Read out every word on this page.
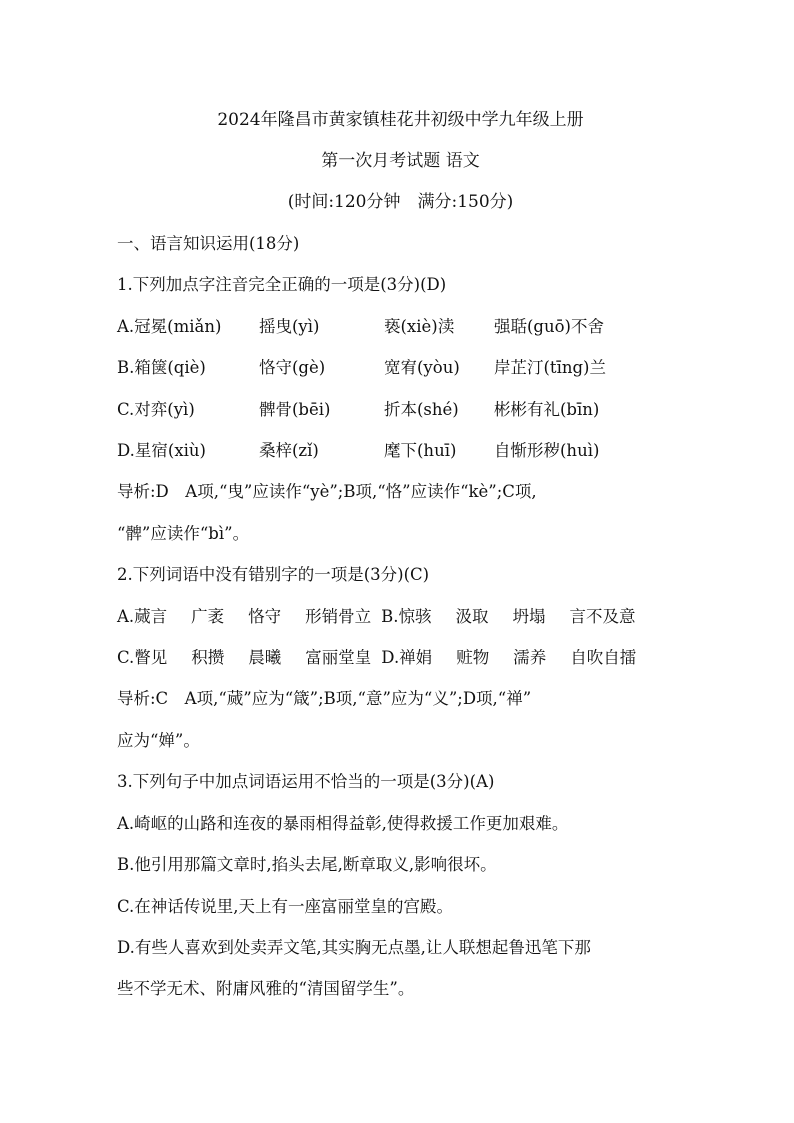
2024年隆昌市黄家镇桂花井初级中学九年级上册
第一次月考试题 语文
(时间:120分钟　满分:150分)
一、语言知识运用(18分)
1.下列加点字注音完全正确的一项是(3分)(D)
A.冠冕(miǎn) 摇曳(yì)	亵(xiè)渎 强聒(guō)不舍
B.箱箧(qiè)	恪守(gè)	宽宥(yòu) 岸芷汀(tīng)兰
C.对弈(yì)	髀骨(bēi)	折本(shé) 彬彬有礼(bīn)
D.星宿(xiù)	桑梓(zǐ)	麾下(huī) 自惭形秽(huì)
导析:D　A项,“曳”应读作“yè”;B项,“恪”应读作“kè”;C项,
“髀”应读作“bì”。
2.下列词语中没有错别字的一项是(3分)(C)
A.蒇言 广袤 恪守 形销骨立 B.惊骇 汲取 坍塌 言不及意
C.瞥见 积攒 晨曦 富丽堂皇 D.禅娟 赃物 濡养 自吹自擂
导析:C　A项,“蒇”应为“箴”;B项,“意”应为“义”;D项,“禅”
应为“婵”。
3.下列句子中加点词语运用不恰当的一项是(3分)(A)
A.崎岖的山路和连夜的暴雨相得益彰,使得救援工作更加艰难。
B.他引用那篇文章时,掐头去尾,断章取义,影响很坏。
C.在神话传说里,天上有一座富丽堂皇的宫殿。
D.有些人喜欢到处卖弄文笔,其实胸无点墨,让人联想起鲁迅笔下那
些不学无术、附庸风雅的“清国留学生”。
